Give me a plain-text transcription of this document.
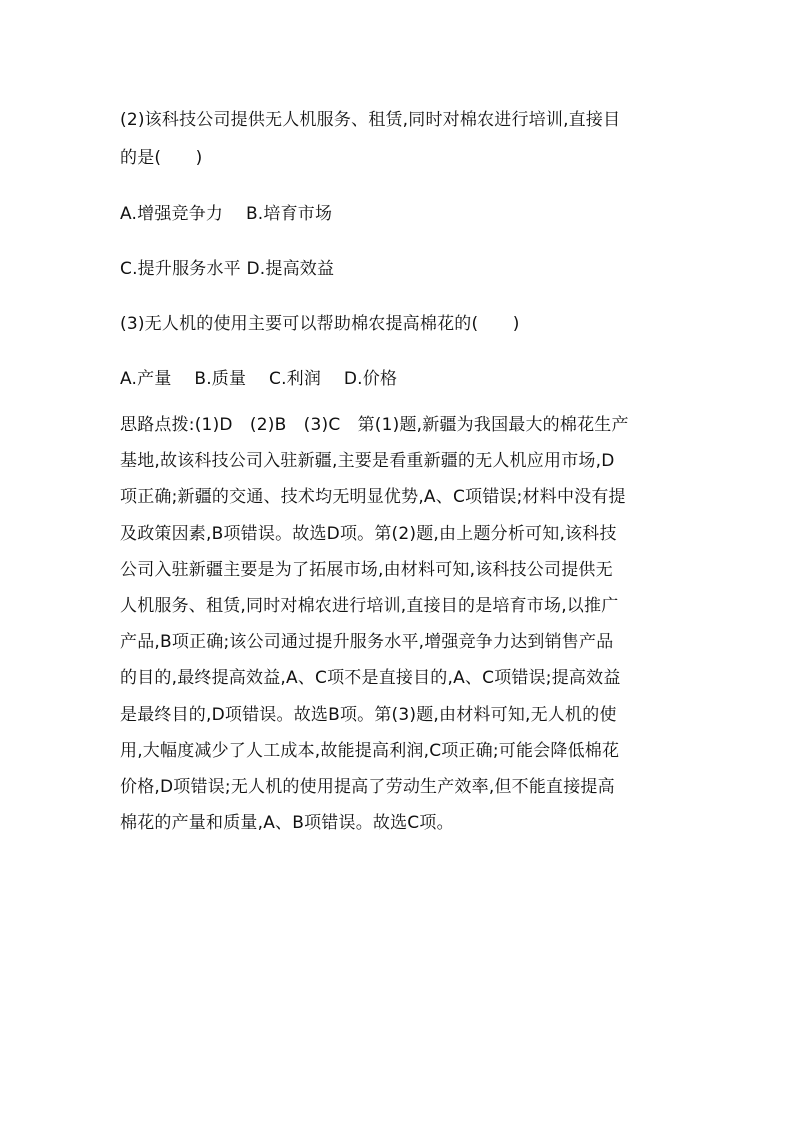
(2)该科技公司提供无人机服务、租赁,同时对棉农进行培训,直接目
的是(　　)
A.增强竞争力　 B.培育市场
C.提升服务水平 D.提高效益
(3)无人机的使用主要可以帮助棉农提高棉花的(　　)
A.产量　 B.质量　 C.利润　 D.价格
思路点拨:(1)D　(2)B　(3)C　第(1)题,新疆为我国最大的棉花生产
基地,故该科技公司入驻新疆,主要是看重新疆的无人机应用市场,D
项正确;新疆的交通、技术均无明显优势,A、C项错误;材料中没有提
及政策因素,B项错误。故选D项。第(2)题,由上题分析可知,该科技
公司入驻新疆主要是为了拓展市场,由材料可知,该科技公司提供无
人机服务、租赁,同时对棉农进行培训,直接目的是培育市场,以推广
产品,B项正确;该公司通过提升服务水平,增强竞争力达到销售产品
的目的,最终提高效益,A、C项不是直接目的,A、C项错误;提高效益
是最终目的,D项错误。故选B项。第(3)题,由材料可知,无人机的使
用,大幅度减少了人工成本,故能提高利润,C项正确;可能会降低棉花
价格,D项错误;无人机的使用提高了劳动生产效率,但不能直接提高
棉花的产量和质量,A、B项错误。故选C项。
